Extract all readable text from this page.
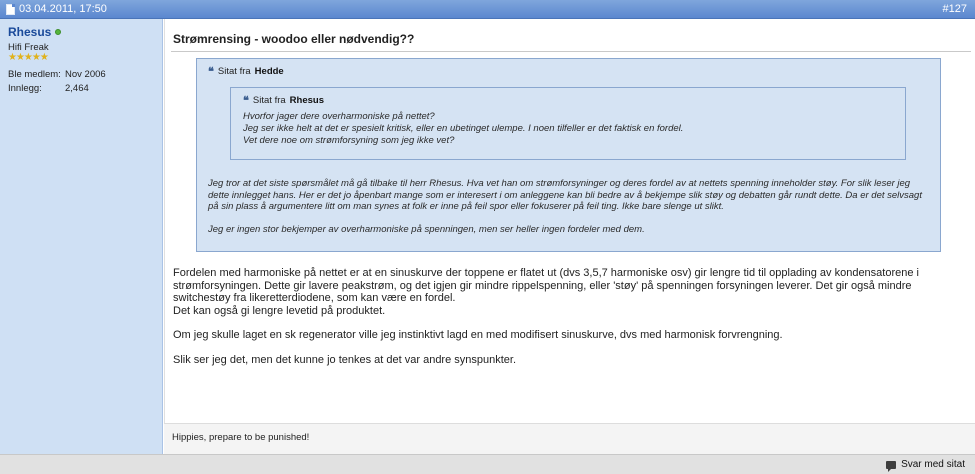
03.04.2011, 17:50	#127
Rhesus
Hifi Freak
★★★★★
Ble medlem: Nov 2006
Innlegg:	2,464
Strømrensing - woodoo eller nødvendig??
❝ Sitat fra Hedde
❝ Sitat fra Rhesus
Hvorfor jager dere overharmoniske på nettet?
Jeg ser ikke helt at det er spesielt kritisk, eller en ubetinget ulempe. I noen tilfeller er det faktisk en fordel.
Vet dere noe om strømforsyning som jeg ikke vet?

Jeg tror at det siste spørsmålet må gå tilbake til herr Rhesus. Hva vet han om strømforsyninger og deres fordel av at nettets spenning inneholder støy. For slik leser jeg dette innlegget hans. Her er det jo åpenbart mange som er interesert i om anleggene kan bli bedre av å bekjempe slik støy og debatten går rundt dette. Da er det selvsagt på sin plass å argumentere litt om man synes at folk er inne på feil spor eller fokuserer på feil ting. Ikke bare slenge ut slikt.

Jeg er ingen stor bekjemper av overharmoniske på spenningen, men ser heller ingen fordeler med dem.

Fordelen med harmoniske på nettet er at en sinuskurve der toppene er flatet ut (dvs 3,5,7 harmoniske osv) gir lengre tid til opplading av kondensatorene i strømforsyningen. Dette gir lavere peakstrøm, og det igjen gir mindre rippelspenning, eller 'støy' på spenningen forsyningen leverer. Det gir også mindre switchestøy fra likeretterdiodene, som kan være en fordel.
Det kan også gi lengre levetid på produktet.

Om jeg skulle laget en sk regenerator ville jeg instinktivt lagd en med modifisert sinuskurve, dvs med harmonisk forvrengning.

Slik ser jeg det, men det kunne jo tenkes at det var andre synspunkter.

Hippies, prepare to be punished!
Svar med sitat
